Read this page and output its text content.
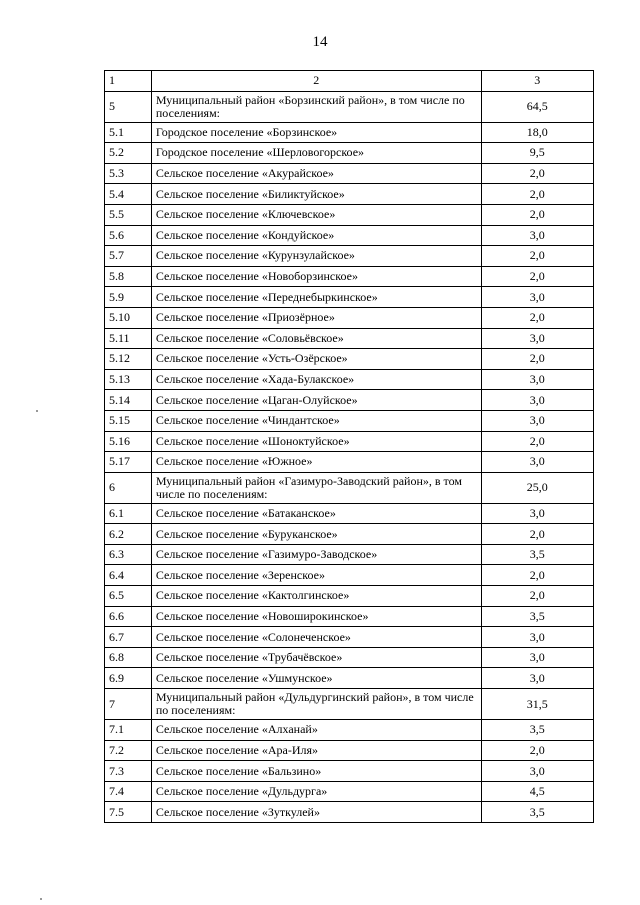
14
1	2	3
5	Муниципальный район «Борзинский район», в том числе по поселениям:	64,5
5.1	Городское поселение «Борзинское»	18,0
5.2	Городское поселение «Шерловогорское»	9,5
5.3	Сельское поселение «Акурайское»	2,0
5.4	Сельское поселение «Биликтуйское»	2,0
5.5	Сельское поселение «Ключевское»	2,0
5.6	Сельское поселение «Кондуйское»	3,0
5.7	Сельское поселение «Курунзулайское»	2,0
5.8	Сельское поселение «Новоборзинское»	2,0
5.9	Сельское поселение «Переднебыркинское»	3,0
5.10	Сельское поселение «Приозёрное»	2,0
5.11	Сельское поселение «Соловьёвское»	3,0
5.12	Сельское поселение «Усть-Озёрское»	2,0
5.13	Сельское поселение «Хада-Булакское»	3,0
5.14	Сельское поселение «Цаган-Олуйское»	3,0
5.15	Сельское поселение «Чиндантское»	3,0
5.16	Сельское поселение «Шоноктуйское»	2,0
5.17	Сельское поселение «Южное»	3,0
6	Муниципальный район «Газимуро-Заводский район», в том числе по поселениям:	25,0
6.1	Сельское поселение «Батаканское»	3,0
6.2	Сельское поселение «Буруканское»	2,0
6.3	Сельское поселение «Газимуро-Заводское»	3,5
6.4	Сельское поселение «Зеренское»	2,0
6.5	Сельское поселение «Кактолгинское»	2,0
6.6	Сельское поселение «Новоширокинское»	3,5
6.7	Сельское поселение «Солонеченское»	3,0
6.8	Сельское поселение «Трубачёвское»	3,0
6.9	Сельское поселение «Ушмунское»	3,0
7	Муниципальный район «Дульдургинский район», в том числе по поселениям:	31,5
7.1	Сельское поселение «Алханай»	3,5
7.2	Сельское поселение «Ара-Иля»	2,0
7.3	Сельское поселение «Бальзино»	3,0
7.4	Сельское поселение «Дульдурга»	4,5
7.5	Сельское поселение «Зуткулей»	3,5
